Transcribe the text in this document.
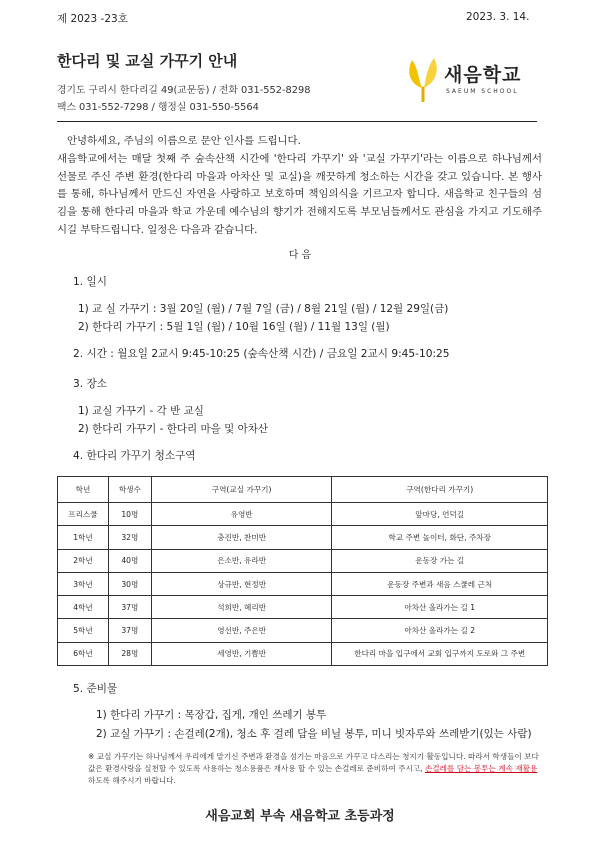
제 2023 -23호	2023. 3. 14.
한다리 및 교실 가꾸기 안내
경기도 구리시 한다리길 49(교문동) / 전화 031-552-8298
팩스 031-552-7298 / 행정실 031-550-5564
새음학교
SAEUM SCHOOL

안녕하세요, 주님의 이름으로 문안 인사를 드립니다.

새음학교에서는 매달 첫째 주 숲속산책 시간에 '한다리 가꾸기' 와 '교실 가꾸기'라는 이름으로 하나님께서 선물로 주신 주변 환경(한다리 마을과 아차산 및 교실)을 깨끗하게 청소하는 시간을 갖고 있습니다. 본 행사를 통해, 하나님께서 만드신 자연을 사랑하고 보호하며 책임의식을 기르고자 합니다. 새음학교 친구들의 섬김을 통해 한다리 마을과 학교 가운데 예수님의 향기가 전해지도록 부모님들께서도 관심을 가지고 기도해주시길 부탁드립니다. 일정은 다음과 같습니다.

다 음
1. 일시
1) 교 실 가꾸기 : 3월 20일 (월) / 7월 7일 (금) / 8월 21일 (월) / 12월 29일(금)
2) 한다리 가꾸기 : 5월 1일 (월) / 10월 16일 (월) / 11월 13일 (월)
2. 시간 : 월요일 2교시 9:45-10:25 (숲속산책 시간) / 금요일 2교시 9:45-10:25
3. 장소
1) 교실 가꾸기 - 각 반 교실
2) 한다리 가꾸기 - 한다리 마을 및 아차산
4. 한다리 가꾸기 청소구역
학년	학생수	구역(교실 가꾸기)	구역(한다리 가꾸기)
프리스쿨	10명	유영반	앞마당, 언덕길
1학년	32명	충진반, 찬미반	학교 주변 놀이터, 화단, 주차장
2학년	40명	은소반, 유라반	운동장 가는 길
3학년	30명	상규반, 현정반	운동장 주변과 새음 스쿨레 근처
4학년	37명	석희반, 혜리반	아차산 올라가는 길 1
5학년	37명	영선반, 주은반	아차산 올라가는 길 2
6학년	28명	세영반, 기쁨반	한다리 마을 입구에서 교회 입구까지 도로와 그 주변
5. 준비물
1) 한다리 가꾸기 : 목장갑, 집게, 개인 쓰레기 봉투
2) 교실 가꾸기 : 손걸레(2개), 청소 후 걸레 담을 비닐 봉투, 미니 빗자루와 쓰레받기(있는 사람)
※ 교실 가꾸기는 하나님께서 우리에게 맡기신 주변과 환경을 섬기는 마음으로 가꾸고 다스리는 청지기 활동입니다. 따라서 학생들이 보다 값은 환경사랑을 실천할 수 있도록 사용하는 청소용품은 재사용 할 수 있는 손걸레로 준비하여 주시고, 손걸레를 담는 봉투는 계속 재활용하도록 해주시기 바랍니다.
새음교회 부속 새음학교 초등과정
